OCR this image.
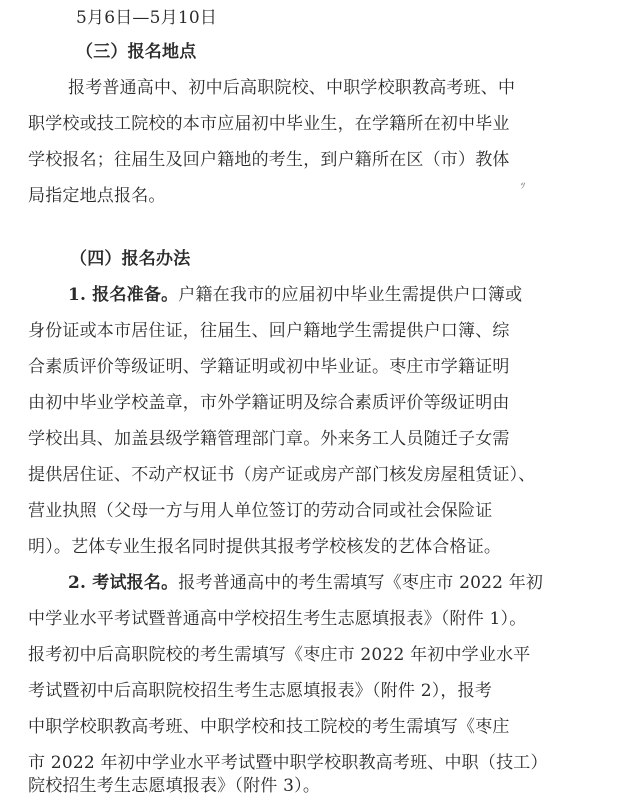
5月6日—5月10日
（三）报名地点
报考普通高中、初中后高职院校、中职学校职教高考班、中
职学校或技工院校的本市应届初中毕业生，在学籍所在初中毕业
学校报名；往届生及回户籍地的考生，到户籍所在区（市）教体
局指定地点报名。
ｯ
（四）报名办法
1. 报名准备。户籍在我市的应届初中毕业生需提供户口簿或
身份证或本市居住证，往届生、回户籍地学生需提供户口簿、综
合素质评价等级证明、学籍证明或初中毕业证。枣庄市学籍证明
由初中毕业学校盖章，市外学籍证明及综合素质评价等级证明由
学校出具、加盖县级学籍管理部门章。外来务工人员随迁子女需
提供居住证、不动产权证书（房产证或房产部门核发房屋租赁证）、
营业执照（父母一方与用人单位签订的劳动合同或社会保险证
明）。艺体专业生报名同时提供其报考学校核发的艺体合格证。
2. 考试报名。报考普通高中的考生需填写《枣庄市 2022 年初
中学业水平考试暨普通高中学校招生考生志愿填报表》（附件 1）。
报考初中后高职院校的考生需填写《枣庄市 2022 年初中学业水平
考试暨初中后高职院校招生考生志愿填报表》（附件 2），报考
中职学校职教高考班、中职学校和技工院校的考生需填写《枣庄
市 2022 年初中学业水平考试暨中职学校职教高考班、中职（技工）
院校招生考生志愿填报表》（附件 3）。
